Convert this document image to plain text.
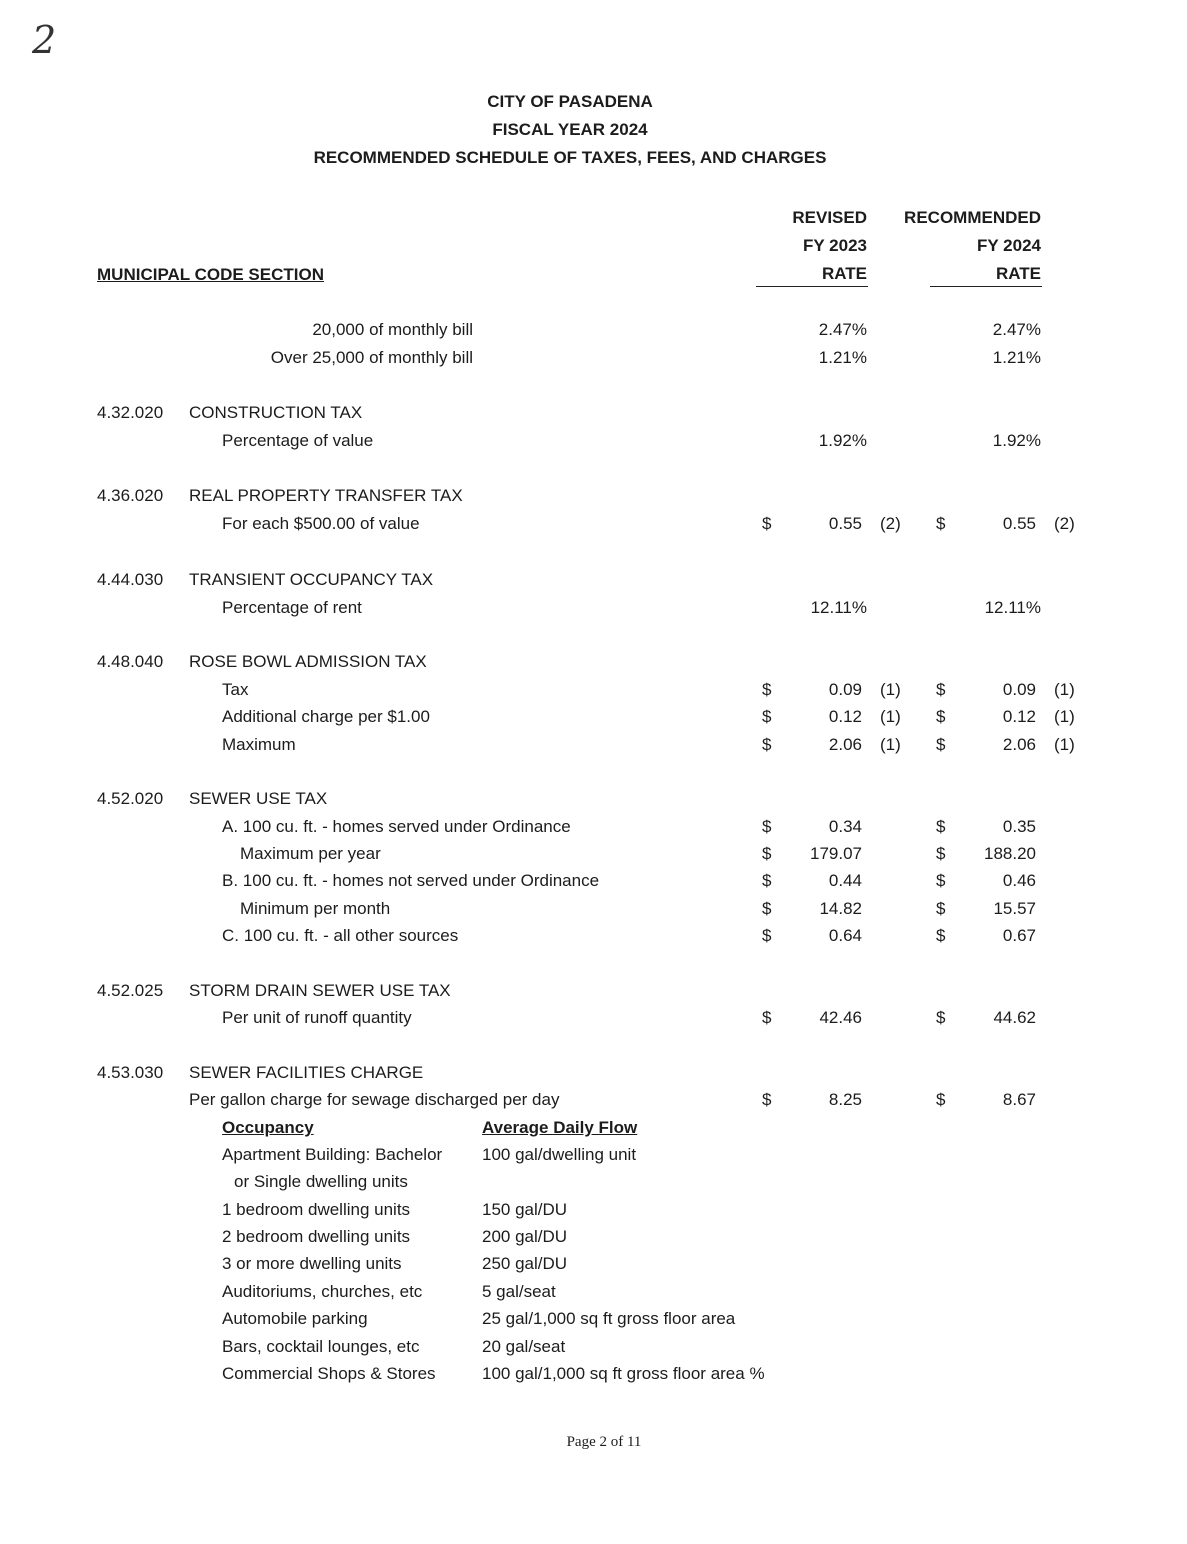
2
CITY OF PASADENA
FISCAL YEAR 2024
RECOMMENDED SCHEDULE OF TAXES, FEES, AND CHARGES
REVISED
FY 2023
RATE
RECOMMENDED
FY 2024
RATE
MUNICIPAL CODE SECTION
20,000 of monthly bill	2.47%	2.47%
Over 25,000 of monthly bill	1.21%	1.21%
4.32.020 CONSTRUCTION TAX
Percentage of value	1.92%	1.92%
4.36.020 REAL PROPERTY TRANSFER TAX
For each $500.00 of value	$	0.55 (2) $	0.55 (2)
4.44.030 TRANSIENT OCCUPANCY TAX
Percentage of rent	12.11%	12.11%
4.48.040 ROSE BOWL ADMISSION TAX
Tax	$	0.09 (1) $	0.09 (1)
Additional charge per $1.00	$	0.12 (1) $	0.12 (1)
Maximum	$	2.06 (1) $	2.06 (1)
4.52.020 SEWER USE TAX
A. 100 cu. ft. - homes served under Ordinance	$	0.34	$	0.35
Maximum per year	$	179.07	$	188.20
B. 100 cu. ft. - homes not served under Ordinance	$	0.44	$	0.46
Minimum per month	$	14.82	$	15.57
C. 100 cu. ft. - all other sources	$	0.64	$	0.67
4.52.025 STORM DRAIN SEWER USE TAX
Per unit of runoff quantity	$	42.46	$	44.62
4.53.030 SEWER FACILITIES CHARGE
Per gallon charge for sewage discharged per day	$	8.25	$	8.67
Occupancy	Average Daily Flow
Apartment Building: Bachelor 100 gal/dwelling unit
or Single dwelling units
1 bedroom dwelling units	150 gal/DU
2 bedroom dwelling units	200 gal/DU
3 or more dwelling units	250 gal/DU
Auditoriums, churches, etc	5 gal/seat
Automobile parking	25 gal/1,000 sq ft gross floor area
Bars, cocktail lounges, etc	20 gal/seat
Commercial Shops & Stores	100 gal/1,000 sq ft gross floor area %
Page 2 of 11
